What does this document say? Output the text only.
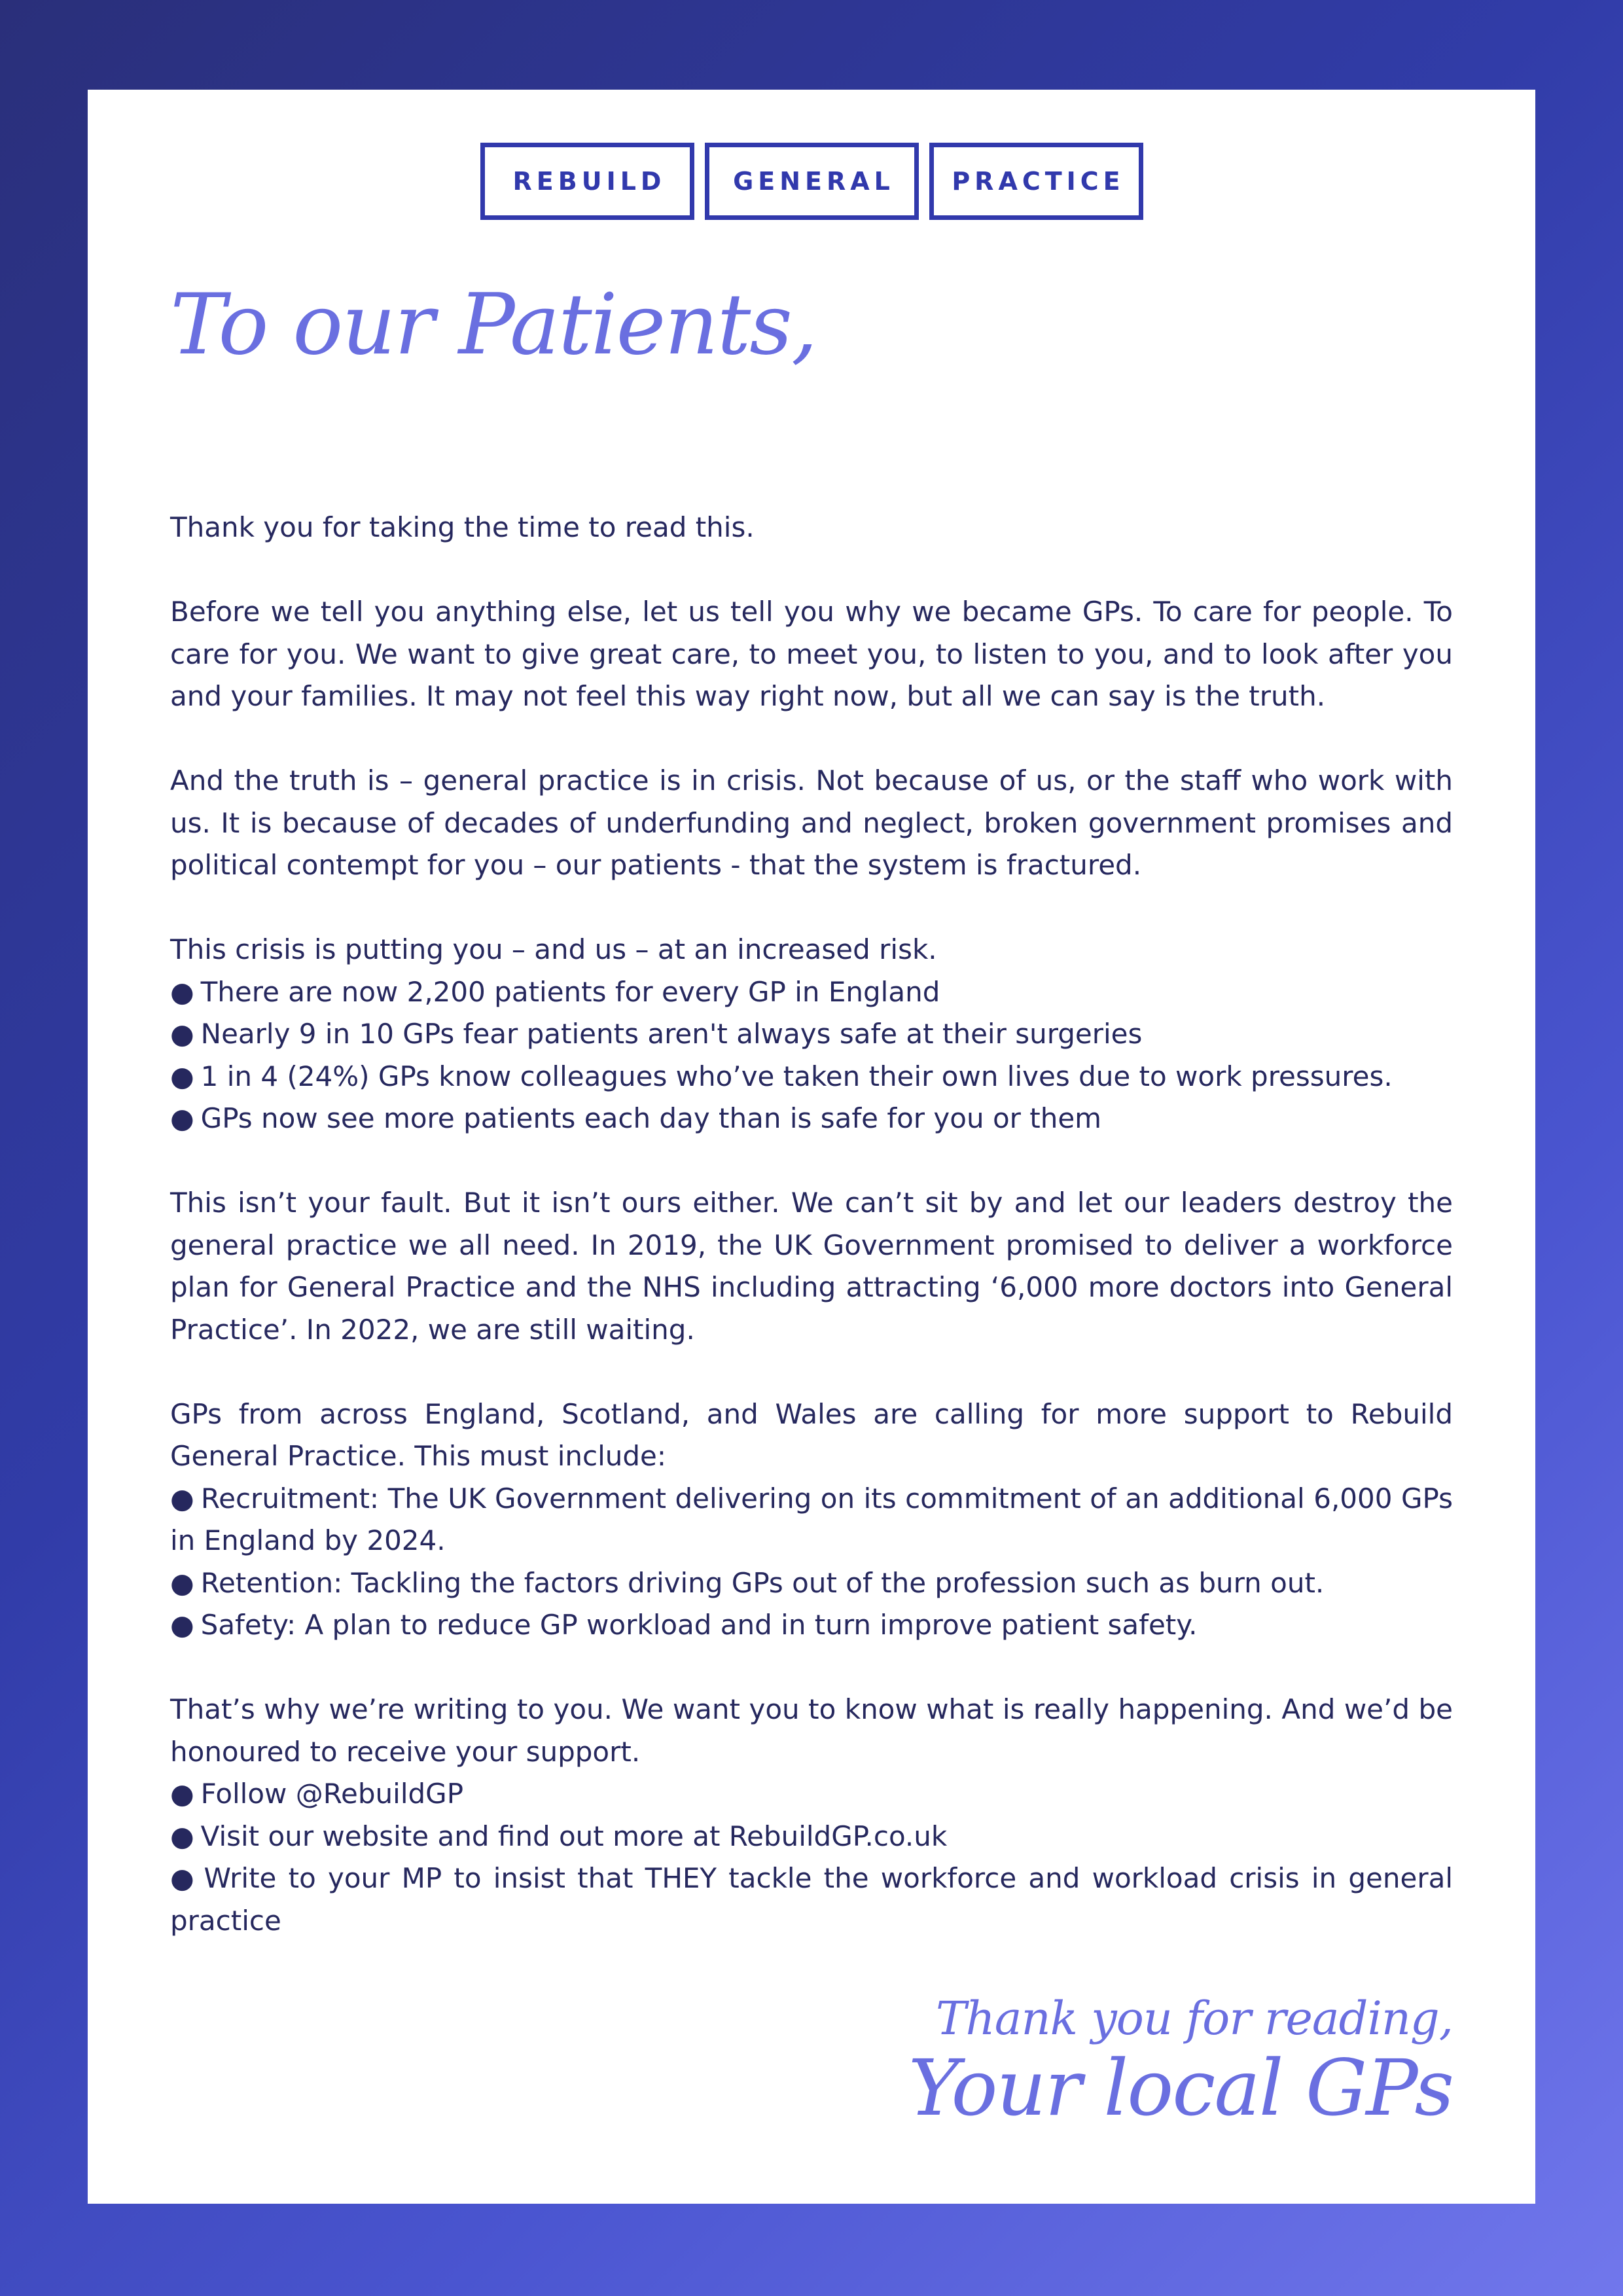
REBUILD	GENERAL	PRACTICE
To our Patients,

Thank you for taking the time to read this.

Before we tell you anything else, let us tell you why we became GPs. To care for people. To care for you. We want to give great care, to meet you, to listen to you, and to look after you and your families. It may not feel this way right now, but all we can say is the truth.

And the truth is – general practice is in crisis. Not because of us, or the staff who work with us. It is because of decades of underfunding and neglect, broken government promises and political contempt for you – our patients - that the system is fractured.

This crisis is putting you – and us – at an increased risk.
● There are now 2,200 patients for every GP in England
● Nearly 9 in 10 GPs fear patients aren't always safe at their surgeries
● 1 in 4 (24%) GPs know colleagues who’ve taken their own lives due to work pressures.
● GPs now see more patients each day than is safe for you or them

This isn’t your fault. But it isn’t ours either. We can’t sit by and let our leaders destroy the general practice we all need. In 2019, the UK Government promised to deliver a workforce plan for General Practice and the NHS including attracting ‘6,000 more doctors into General Practice’. In 2022, we are still waiting.

GPs from across England, Scotland, and Wales are calling for more support to Rebuild General Practice. This must include:
● Recruitment: The UK Government delivering on its commitment of an additional 6,000 GPs in England by 2024.
● Retention: Tackling the factors driving GPs out of the profession such as burn out.
● Safety: A plan to reduce GP workload and in turn improve patient safety.

That’s why we’re writing to you. We want you to know what is really happening. And we’d be honoured to receive your support.
● Follow @RebuildGP
● Visit our website and find out more at RebuildGP.co.uk
● Write to your MP to insist that THEY tackle the workforce and workload crisis in general practice

Thank you for reading,
Your local GPs
